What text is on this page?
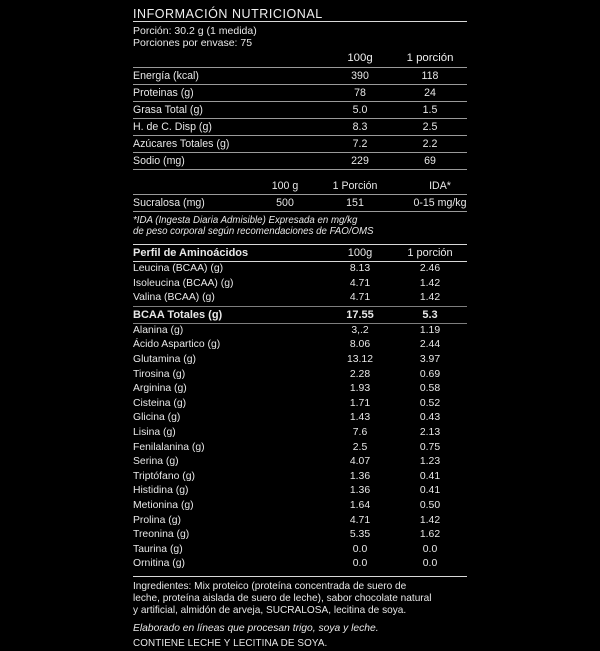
INFORMACIÓN NUTRICIONAL
Porción: 30.2 g (1 medida)
Porciones por envase: 75
100g	1 porción
Energía (kcal)	390	118
Proteinas (g)	78	24
Grasa Total (g)	5.0	1.5
H. de C. Disp (g)	8.3	2.5
Azúcares Totales (g)	7.2	2.2
Sodio (mg)	229	69
100 g	1 Porción	IDA*
Sucralosa (mg)	500	151	0-15 mg/kg
*IDA (Ingesta Diaria Admisible) Expresada en mg/kg
de peso corporal según recomendaciones de FAO/OMS
Perfil de Aminoácidos	100g	1 porción
Leucina (BCAA) (g)	8.13	2.46
Isoleucina (BCAA) (g)	4.71	1.42
Valina (BCAA) (g)	4.71	1.42
BCAA Totales (g)	17.55	5.3
Alanina (g)	3,.2	1.19
Ácido Aspartico (g)	8.06	2.44
Glutamina (g)	13.12	3.97
Tirosina (g)	2.28	0.69
Arginina (g)	1.93	0.58
Cisteina (g)	1.71	0.52
Glicina (g)	1.43	0.43
Lisina (g)	7.6	2.13
Fenilalanina (g)	2.5	0.75
Serina (g)	4.07	1.23
Triptófano (g)	1.36	0.41
Histidina (g)	1.36	0.41
Metionina (g)	1.64	0.50
Prolina (g)	4.71	1.42
Treonina (g)	5.35	1.62
Taurina (g)	0.0	0.0
Ornitina (g)	0.0	0.0
Ingredientes: Mix proteico (proteína concentrada de suero de
leche, proteína aislada de suero de leche), sabor chocolate natural
y artificial, almidón de arveja, SUCRALOSA, lecitina de soya.
Elaborado en líneas que procesan trigo, soya y leche.
CONTIENE LECHE Y LECITINA DE SOYA.
